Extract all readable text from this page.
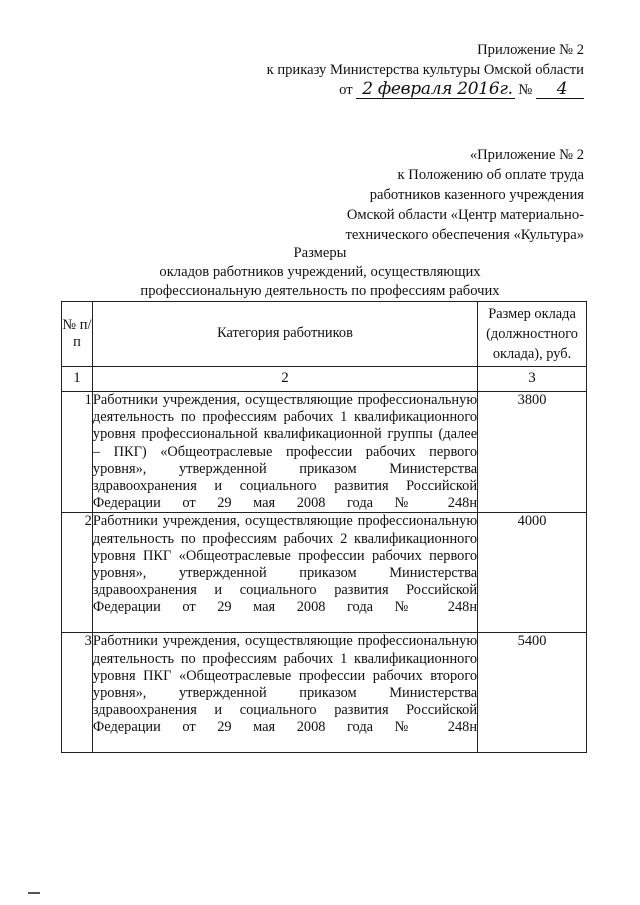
Приложение № 2
к приказу Министерства культуры Омской области
от 2 февраля 2016г. № 4
«Приложение № 2
к Положению об оплате труда
работников казенного учреждения
Омской области «Центр материально-
технического обеспечения «Культура»
Размеры
окладов работников учреждений, осуществляющих
профессиональную деятельность по профессиям рабочих
№ п/п	Категория работников	Размер оклада (должностного оклада), руб.
1	2	3
1	Работники учреждения, осуществляющие профессиональную деятельность по профессиям рабочих 1 квалификационного уровня профессиональной квалификационной группы (далее – ПКГ) «Общеотраслевые профессии рабочих первого уровня», утвержденной приказом Министерства здравоохранения и социального развития Российской Федерации от 29 мая 2008 года № 248н	3800
2	Работники учреждения, осуществляющие профессиональную деятельность по профессиям рабочих 2 квалификационного уровня ПКГ «Общеотраслевые профессии рабочих первого уровня», утвержденной приказом Министерства здравоохранения и социального развития Российской Федерации от 29 мая 2008 года № 248н	4000
3	Работники учреждения, осуществляющие профессиональную деятельность по профессиям рабочих 1 квалификационного уровня ПКГ «Общеотраслевые профессии рабочих второго уровня», утвержденной приказом Министерства здравоохранения и социального развития Российской Федерации от 29 мая 2008 года № 248н	5400
